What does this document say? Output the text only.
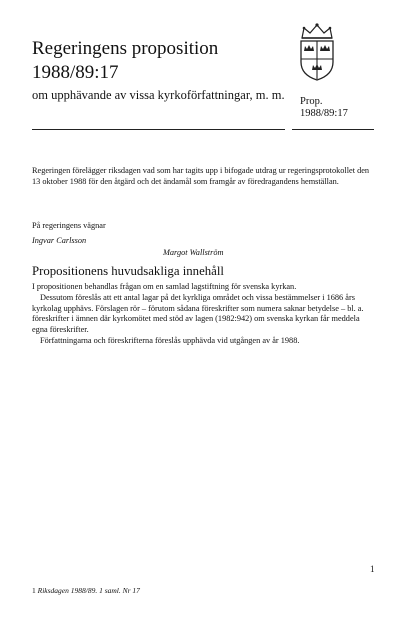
Regeringens proposition
1988/89:17
om upphävande av vissa kyrkoförfattningar, m. m. Prop.
1988/89:17
Regeringen förelägger riksdagen vad som har tagits upp i bifogade utdrag ur regeringsprotokollet den 13 oktober 1988 för den åtgärd och det ändamål som framgår av föredragandens hemställan.
På regeringens vägnar
Ingvar Carlsson
Margot Wallström
Propositionens huvudsakliga innehåll

I propositionen behandlas frågan om en samlad lagstiftning för svenska kyrkan.

Dessutom föreslås att ett antal lagar på det kyrkliga området och vissa bestämmelser i 1686 års kyrkolag upphävs. Förslagen rör – förutom sådana föreskrifter som numera saknar betydelse – bl. a. föreskrifter i ämnen där kyrkomötet med stöd av lagen (1982:942) om svenska kyrkan får meddela egna föreskrifter.

Författningarna och föreskrifterna föreslås upphävda vid utgången av år 1988.

1
1 Riksdagen 1988/89. 1 saml. Nr 17
